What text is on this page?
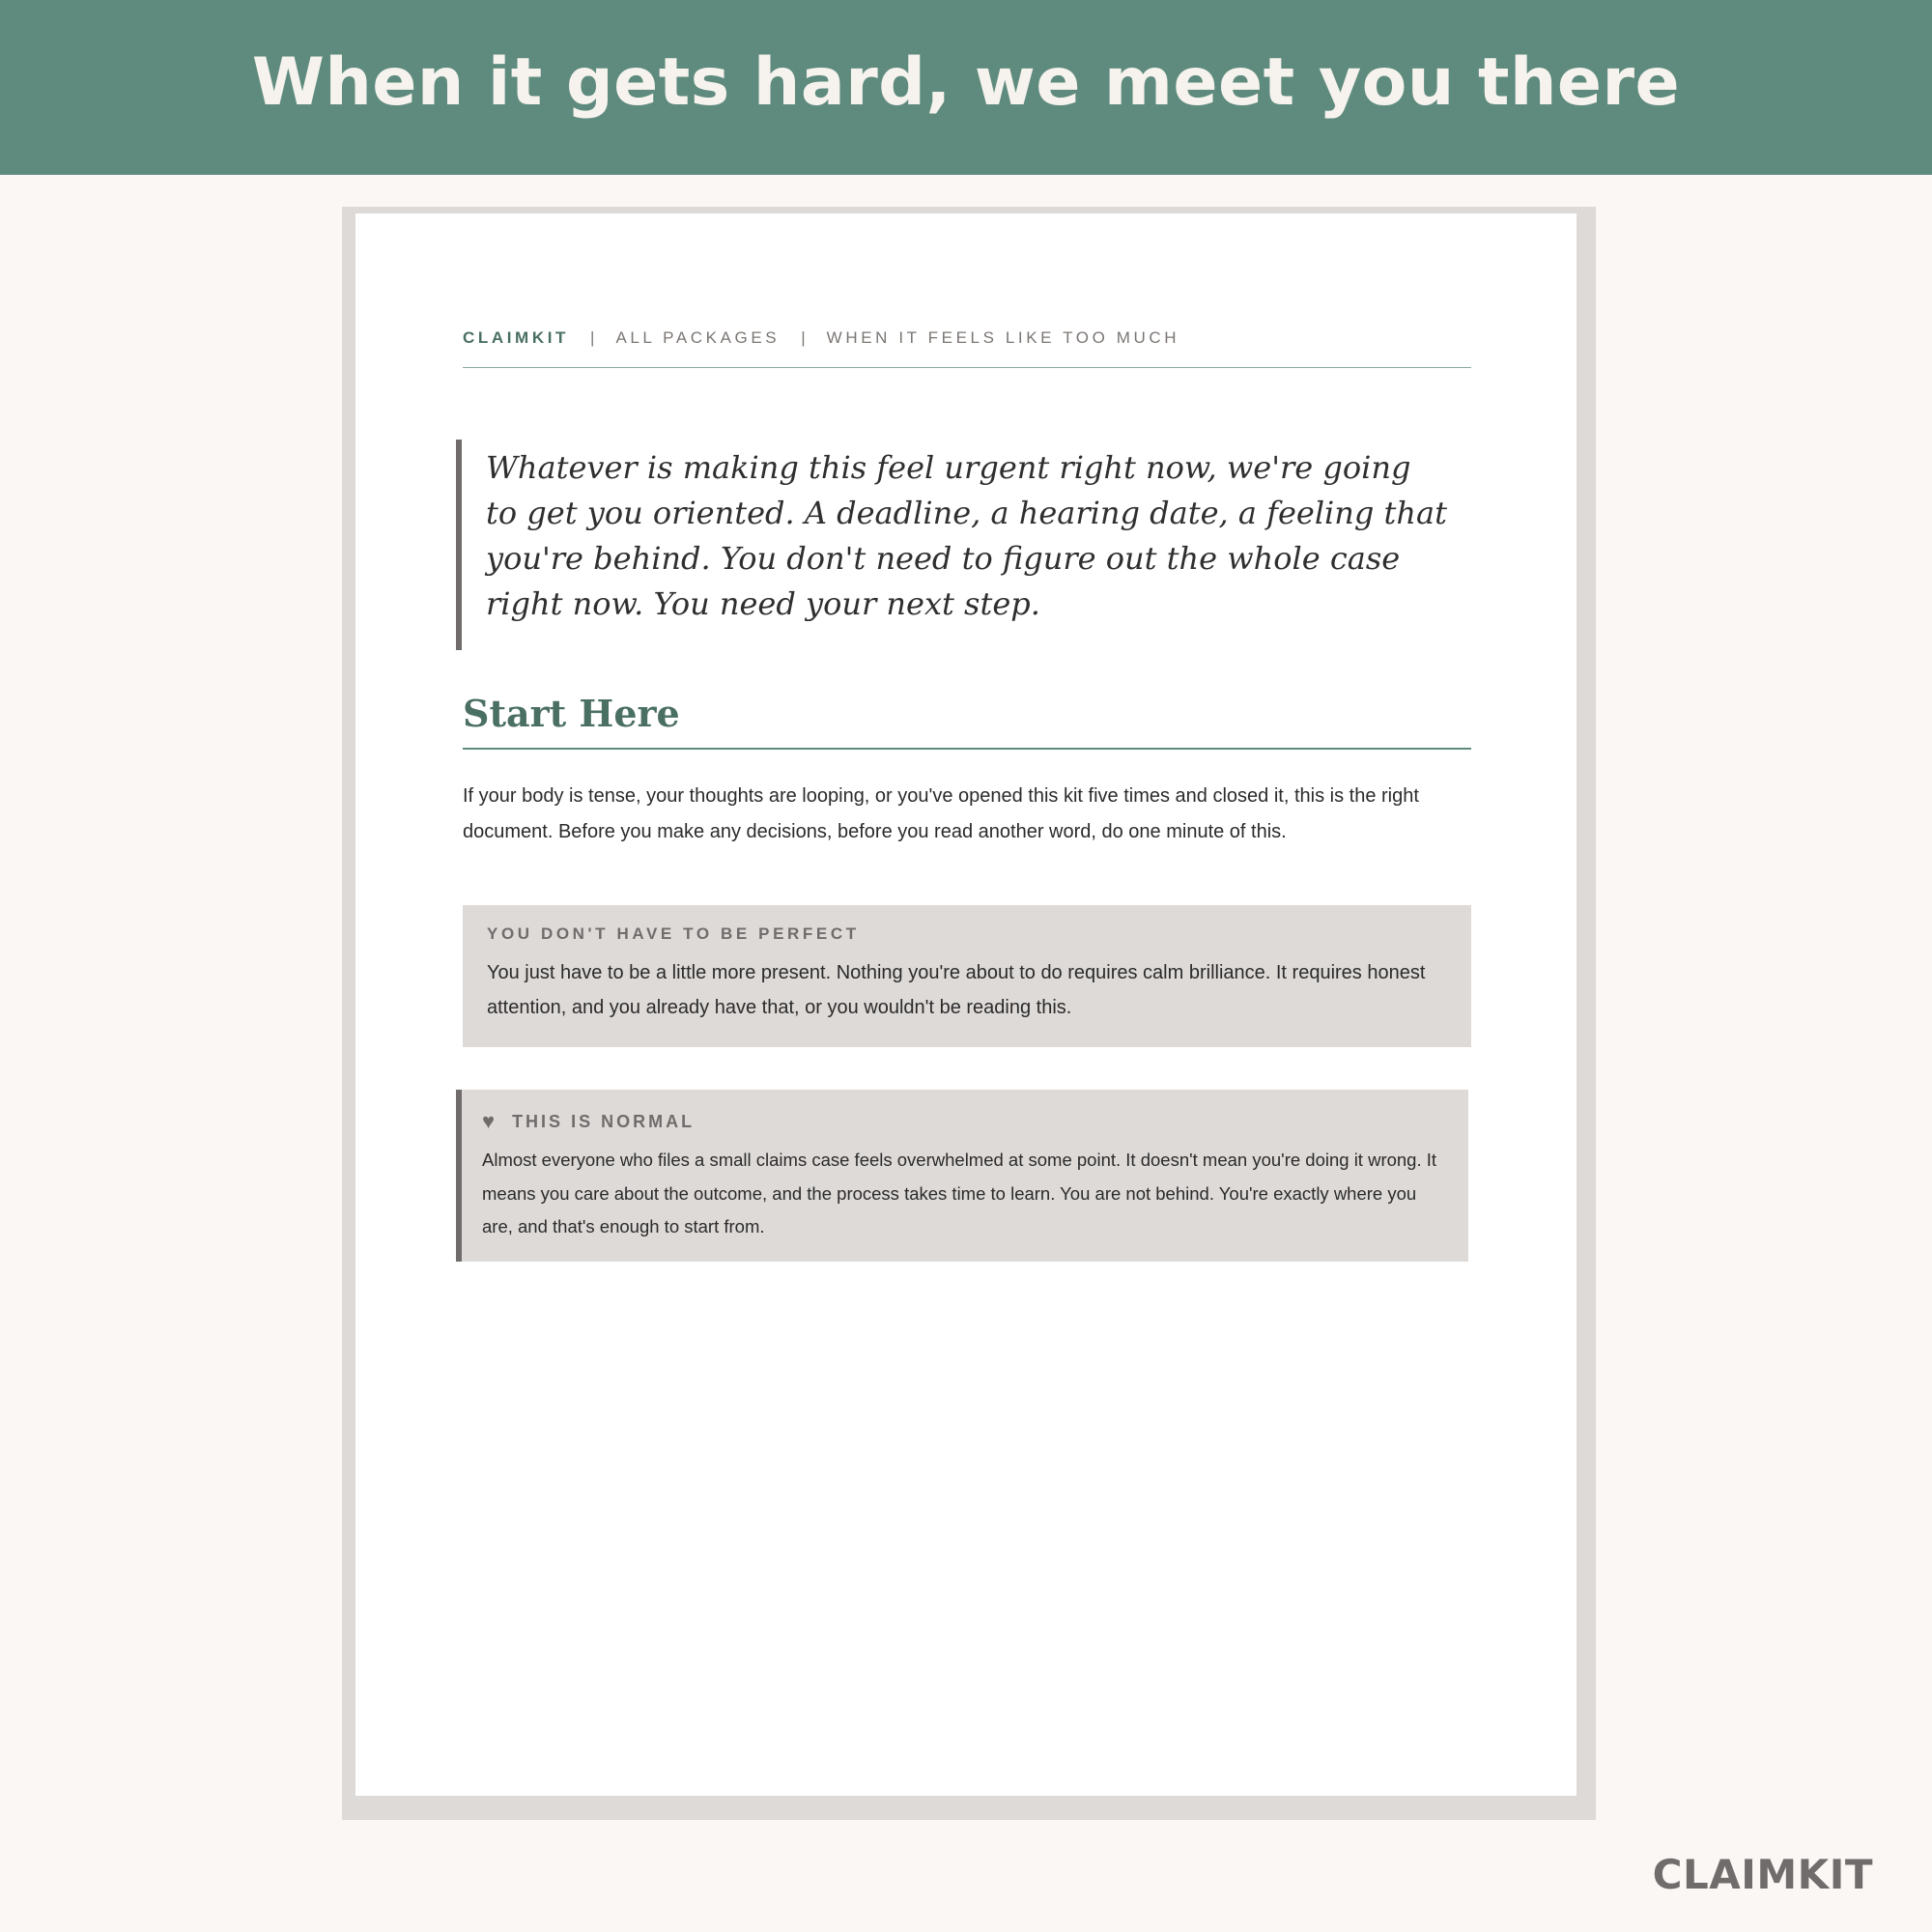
When it gets hard, we meet you there
CLAIMKIT | ALL PACKAGES | WHEN IT FEELS LIKE TOO MUCH

Whatever is making this feel urgent right now, we're going to get you oriented. A deadline, a hearing date, a feeling that you're behind. You don't need to figure out the whole case right now. You need your next step.

Start Here

If your body is tense, your thoughts are looping, or you've opened this kit five times and closed it, this is the right document. Before you make any decisions, before you read another word, do one minute of this.

YOU DON'T HAVE TO BE PERFECT

You just have to be a little more present. Nothing you're about to do requires calm brilliance. It requires honest attention, and you already have that, or you wouldn't be reading this.

♥ THIS IS NORMAL

Almost everyone who files a small claims case feels overwhelmed at some point. It doesn't mean you're doing it wrong. It means you care about the outcome, and the process takes time to learn. You are not behind. You're exactly where you are, and that's enough to start from.

CLAIMKIT
